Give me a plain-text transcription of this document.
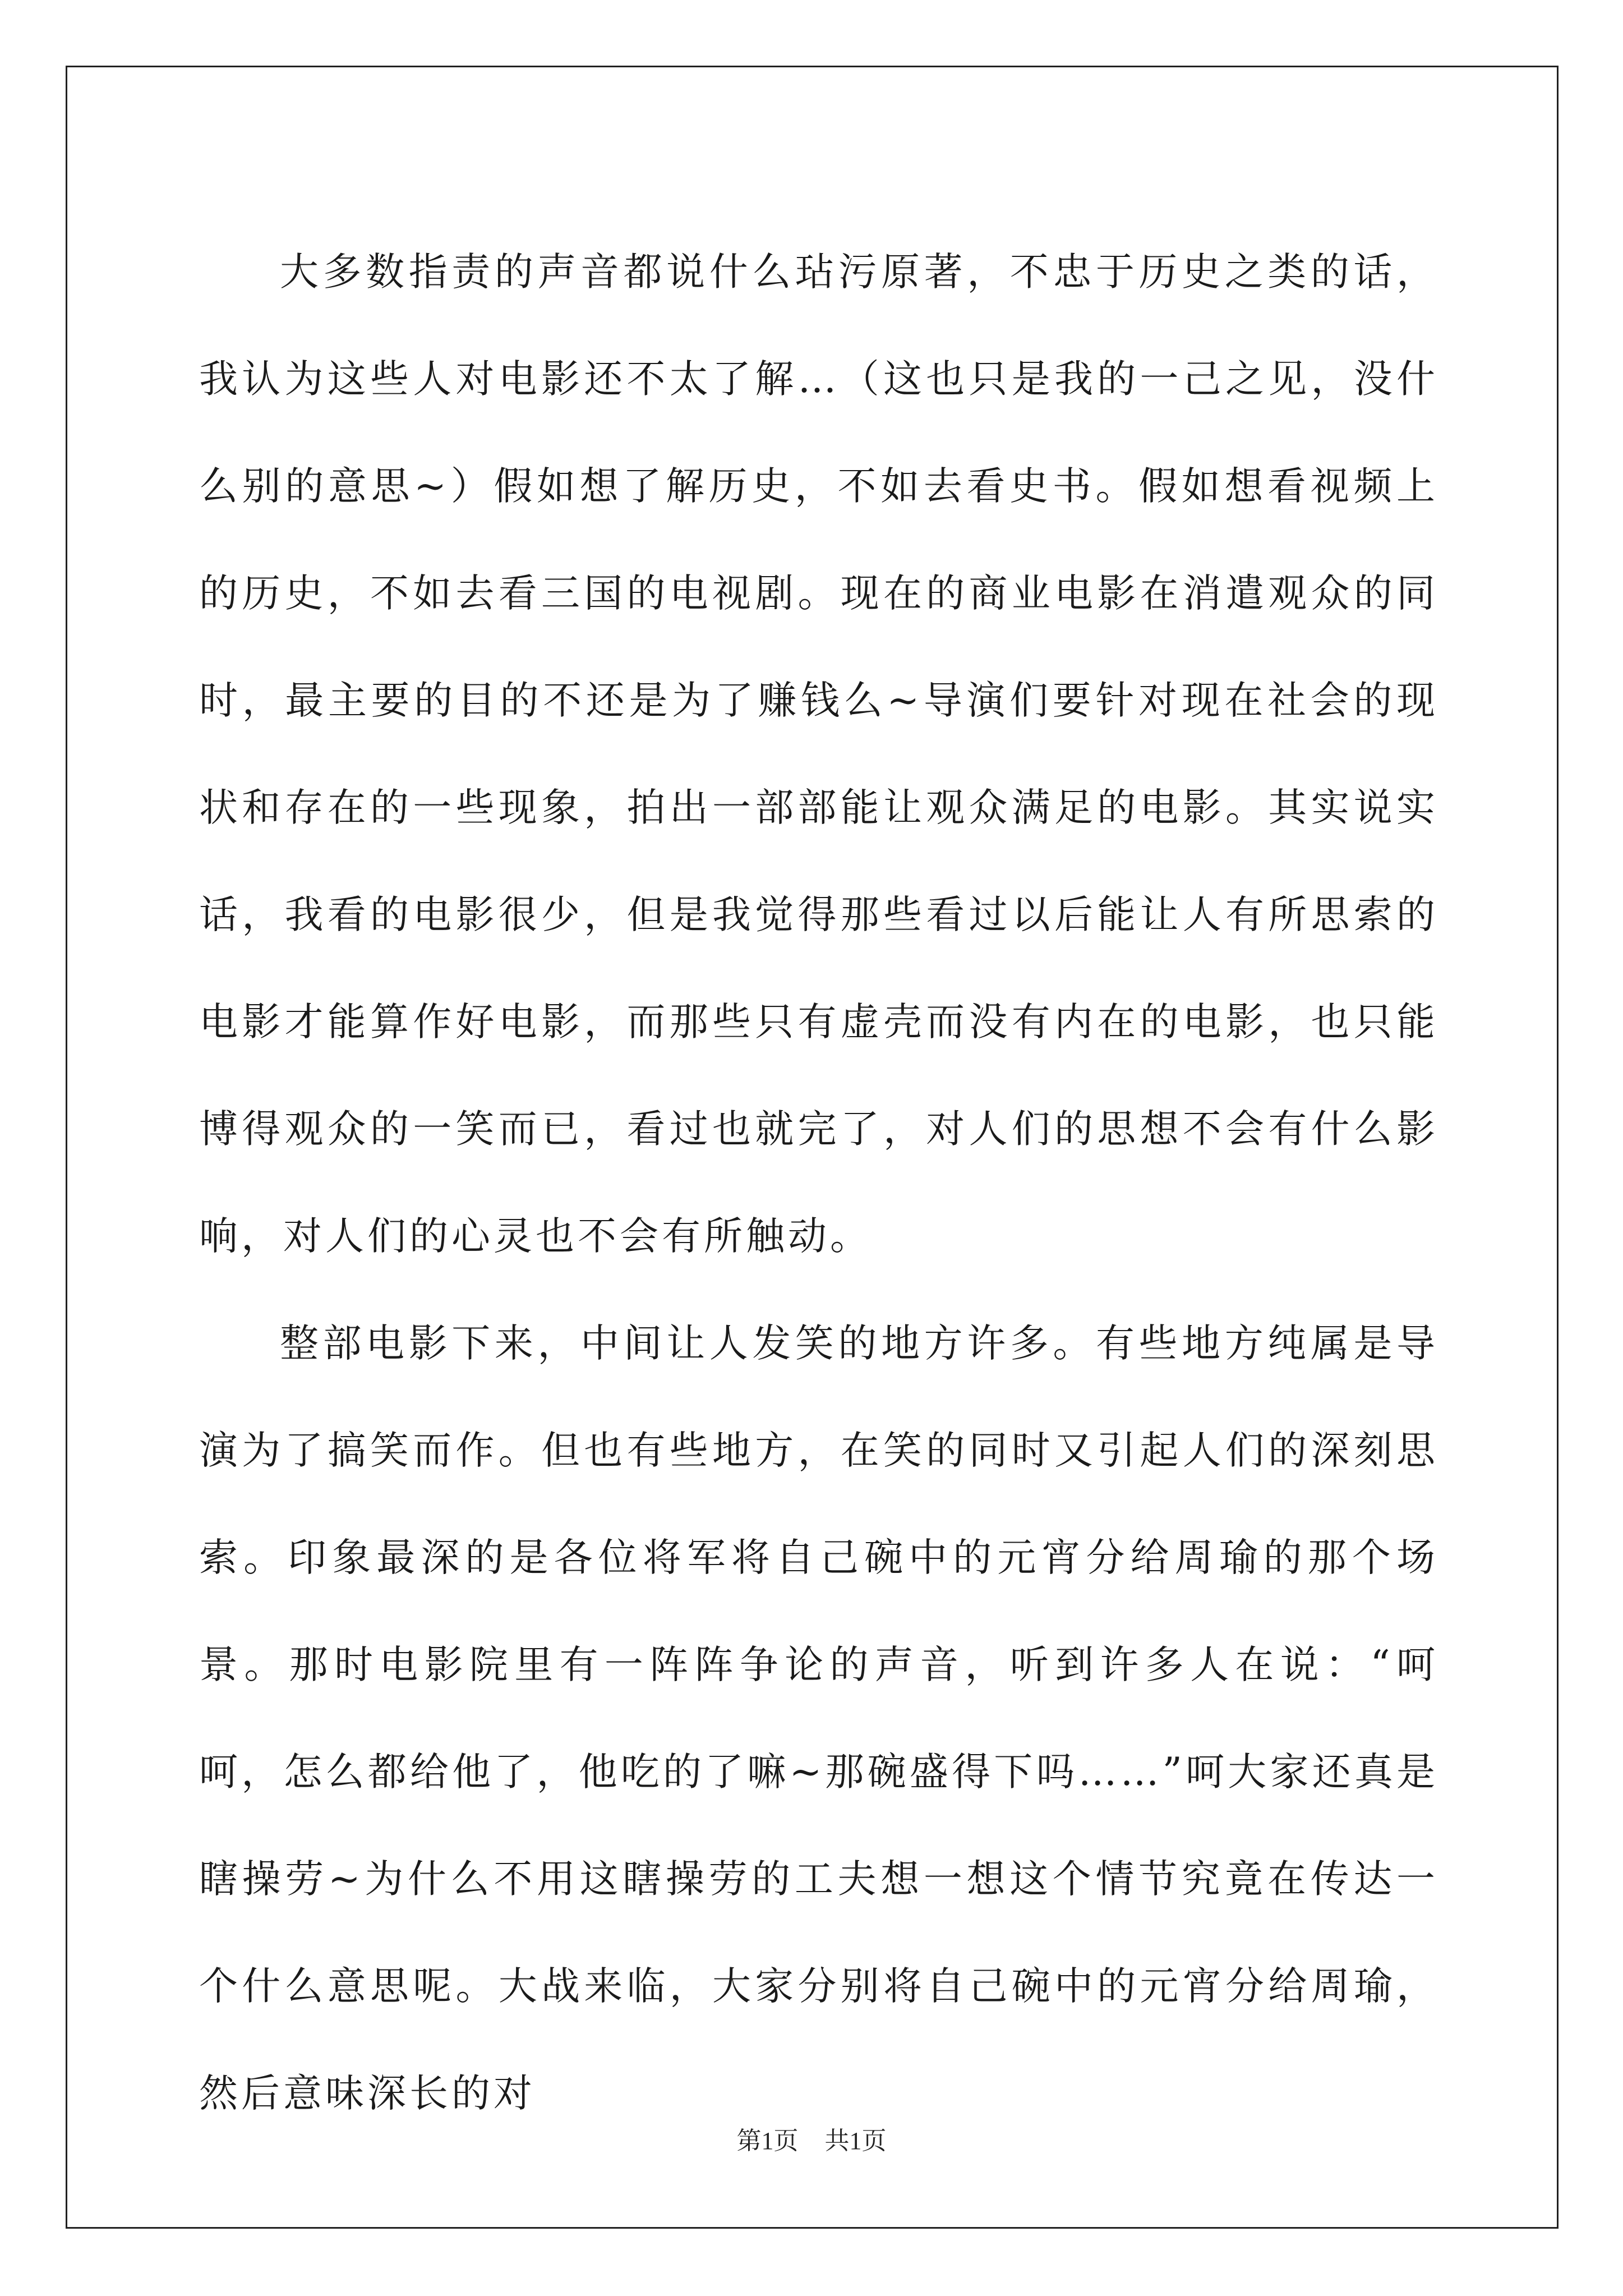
大多数指责的声音都说什么玷污原著，不忠于历史之类的话，我认为这些人对电影还不太了解…（这也只是我的一己之见，没什么别的意思~）假如想了解历史，不如去看史书。假如想看视频上的历史，不如去看三国的电视剧。现在的商业电影在消遣观众的同时，最主要的目的不还是为了赚钱么~导演们要针对现在社会的现状和存在的一些现象，拍出一部部能让观众满足的电影。其实说实话，我看的电影很少，但是我觉得那些看过以后能让人有所思索的电影才能算作好电影，而那些只有虚壳而没有内在的电影，也只能博得观众的一笑而已，看过也就完了，对人们的思想不会有什么影响，对人们的心灵也不会有所触动。

整部电影下来，中间让人发笑的地方许多。有些地方纯属是导演为了搞笑而作。但也有些地方，在笑的同时又引起人们的深刻思索。印象最深的是各位将军将自己碗中的元宵分给周瑜的那个场景。那时电影院里有一阵阵争论的声音，听到许多人在说：“呵呵，怎么都给他了，他吃的了嘛~那碗盛得下吗……”呵大家还真是瞎操劳~为什么不用这瞎操劳的工夫想一想这个情节究竟在传达一个什么意思呢。大战来临，大家分别将自己碗中的元宵分给周瑜，然后意味深长的对

第1页 共1页
